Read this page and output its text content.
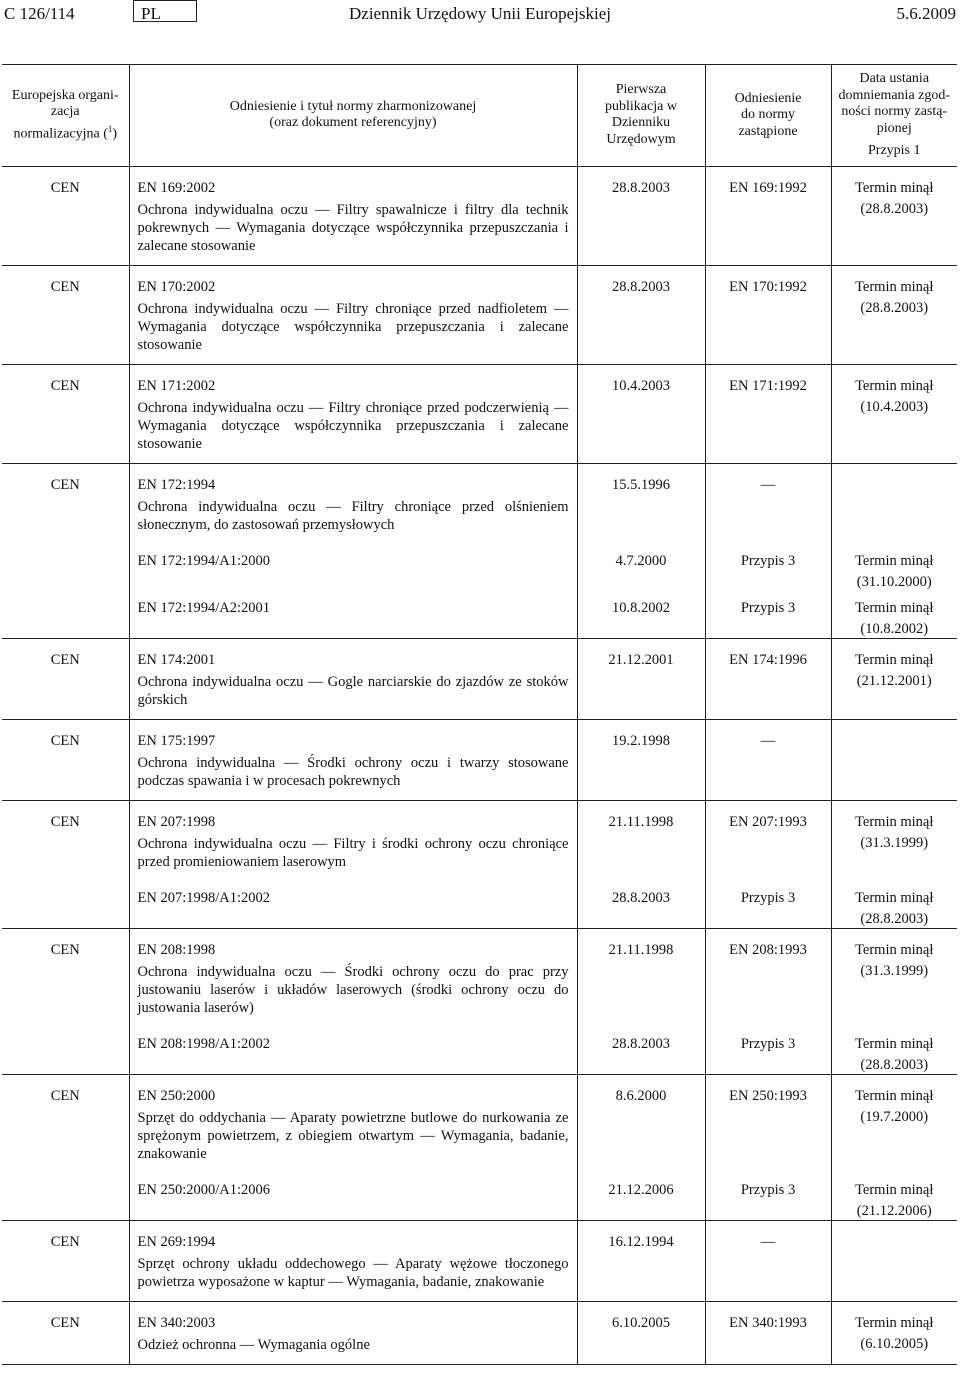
C 126/114	PL	Dziennik Urzędowy Unii Europejskiej	5.6.2009
Europejska organi-
zacja
normalizacyjna ($^1$)	Odniesienie i tytuł normy zharmonizowanej
(oraz dokument referencyjny)	Pierwsza
publikacja w
Dzienniku
Urzędowym	Odniesienie
do normy
zastąpione	Data ustania
domniemania zgod-
ności normy zastą-
pionej
Przypis 1

CEN	EN 169:2002
Ochrona indywidualna oczu — Filtry spawalnicze i filtry dla technik pokrewnych — Wymagania dotyczące współczynnika przepuszczania i zalecane stosowanie	28.8.2003	EN 169:1992	Termin minął
(28.8.2003)

CEN	EN 170:2002
Ochrona indywidualna oczu — Filtry chroniące przed nadfioletem — Wymagania dotyczące współczynnika przepuszczania i zalecane stosowanie	28.8.2003	EN 170:1992	Termin minął
(28.8.2003)

CEN	EN 171:2002
Ochrona indywidualna oczu — Filtry chroniące przed podczerwienią — Wymagania dotyczące współczynnika przepuszczania i zalecane stosowanie	10.4.2003	EN 171:1992	Termin minął
(10.4.2003)

CEN	EN 172:1994
Ochrona indywidualna oczu — Filtry chroniące przed olśnieniem słonecznym, do zastosowań przemysłowych	15.5.1996	—	

	EN 172:1994/A1:2000	4.7.2000	Przypis 3	Termin minął
(31.10.2000)

	EN 172:1994/A2:2001	10.8.2002	Przypis 3	Termin minął
(10.8.2002)

CEN	EN 174:2001
Ochrona indywidualna oczu — Gogle narciarskie do zjazdów ze stoków górskich	21.12.2001	EN 174:1996	Termin minął
(21.12.2001)

CEN	EN 175:1997
Ochrona indywidualna — Środki ochrony oczu i twarzy stosowane podczas spawania i w procesach pokrewnych	19.2.1998	—	

CEN	EN 207:1998
Ochrona indywidualna oczu — Filtry i środki ochrony oczu chroniące przed promieniowaniem laserowym	21.11.1998	EN 207:1993	Termin minął
(31.3.1999)

	EN 207:1998/A1:2002	28.8.2003	Przypis 3	Termin minął
(28.8.2003)

CEN	EN 208:1998
Ochrona indywidualna oczu — Środki ochrony oczu do prac przy justowaniu laserów i układów laserowych (środki ochrony oczu do justowania laserów)	21.11.1998	EN 208:1993	Termin minął
(31.3.1999)

	EN 208:1998/A1:2002	28.8.2003	Przypis 3	Termin minął
(28.8.2003)

CEN	EN 250:2000
Sprzęt do oddychania — Aparaty powietrzne butlowe do nurkowania ze sprężonym powietrzem, z obiegiem otwartym — Wymagania, badanie, znakowanie	8.6.2000	EN 250:1993	Termin minął
(19.7.2000)

	EN 250:2000/A1:2006	21.12.2006	Przypis 3	Termin minął
(21.12.2006)

CEN	EN 269:1994
Sprzęt ochrony układu oddechowego — Aparaty wężowe tłoczonego powietrza wyposażone w kaptur — Wymagania, badanie, znakowanie	16.12.1994	—	

CEN	EN 340:2003
Odzież ochronna — Wymagania ogólne	6.10.2005	EN 340:1993	Termin minął
(6.10.2005)
